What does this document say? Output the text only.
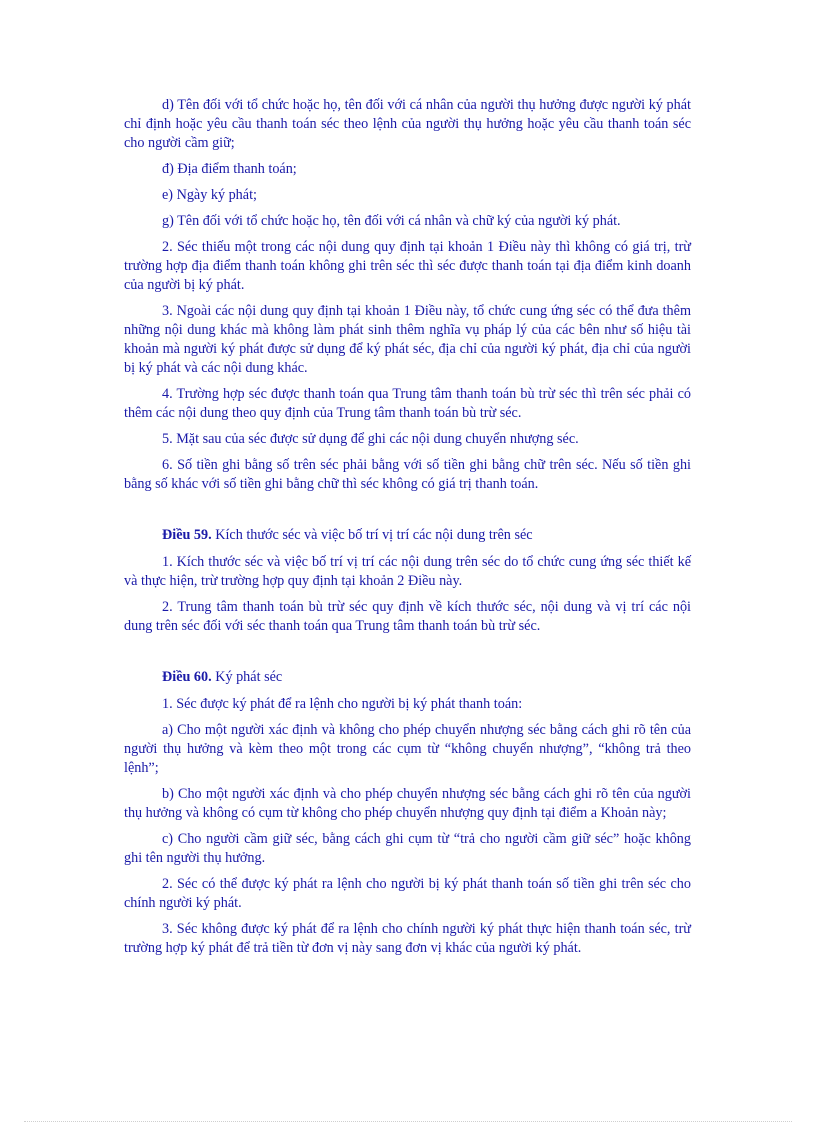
d) Tên đối với tổ chức hoặc họ, tên đối với cá nhân của người thụ hưởng được người ký phát chỉ định hoặc yêu cầu thanh toán séc theo lệnh của người thụ hưởng hoặc yêu cầu thanh toán séc cho người cầm giữ;

đ) Địa điểm thanh toán;

e) Ngày ký phát;

g) Tên đối với tổ chức hoặc họ, tên đối với cá nhân và chữ ký của người ký phát.

2. Séc thiếu một trong các nội dung quy định tại khoản 1 Điều này thì không có giá trị, trừ trường hợp địa điểm thanh toán không ghi trên séc thì séc được thanh toán tại địa điểm kinh doanh của người bị ký phát.

3. Ngoài các nội dung quy định tại khoản 1 Điều này, tổ chức cung ứng séc có thể đưa thêm những nội dung khác mà không làm phát sinh thêm nghĩa vụ pháp lý của các bên như số hiệu tài khoản mà người ký phát được sử dụng để ký phát séc, địa chỉ của người ký phát, địa chỉ của người bị ký phát và các nội dung khác.

4. Trường hợp séc được thanh toán qua Trung tâm thanh toán bù trừ séc thì trên séc phải có thêm các nội dung theo quy định của Trung tâm thanh toán bù trừ séc.

5. Mặt sau của séc được sử dụng để ghi các nội dung chuyển nhượng séc.

6. Số tiền ghi bằng số trên séc phải bằng với số tiền ghi bằng chữ trên séc. Nếu số tiền ghi bằng số khác với số tiền ghi bằng chữ thì séc không có giá trị thanh toán.

Điều 59. Kích thước séc và việc bố trí vị trí các nội dung trên séc

1. Kích thước séc và việc bố trí vị trí các nội dung trên séc do tổ chức cung ứng séc thiết kế và thực hiện, trừ trường hợp quy định tại khoản 2 Điều này.

2. Trung tâm thanh toán bù trừ séc quy định về kích thước séc, nội dung và vị trí các nội dung trên séc đối với séc thanh toán qua Trung tâm thanh toán bù trừ séc.

Điều 60. Ký phát séc

1. Séc được ký phát để ra lệnh cho người bị ký phát thanh toán:

a) Cho một người xác định và không cho phép chuyển nhượng séc bằng cách ghi rõ tên của người thụ hưởng và kèm theo một trong các cụm từ “không chuyển nhượng”, “không trả theo lệnh”;

b) Cho một người xác định và cho phép chuyển nhượng séc bằng cách ghi rõ tên của người thụ hưởng và không có cụm từ không cho phép chuyển nhượng quy định tại điểm a Khoản này;

c) Cho người cầm giữ séc, bằng cách ghi cụm từ “trả cho người cầm giữ séc” hoặc không ghi tên người thụ hưởng.

2. Séc có thể được ký phát ra lệnh cho người bị ký phát thanh toán số tiền ghi trên séc cho chính người ký phát.

3. Séc không được ký phát để ra lệnh cho chính người ký phát thực hiện thanh toán séc, trừ trường hợp ký phát để trả tiền từ đơn vị này sang đơn vị khác của người ký phát.
